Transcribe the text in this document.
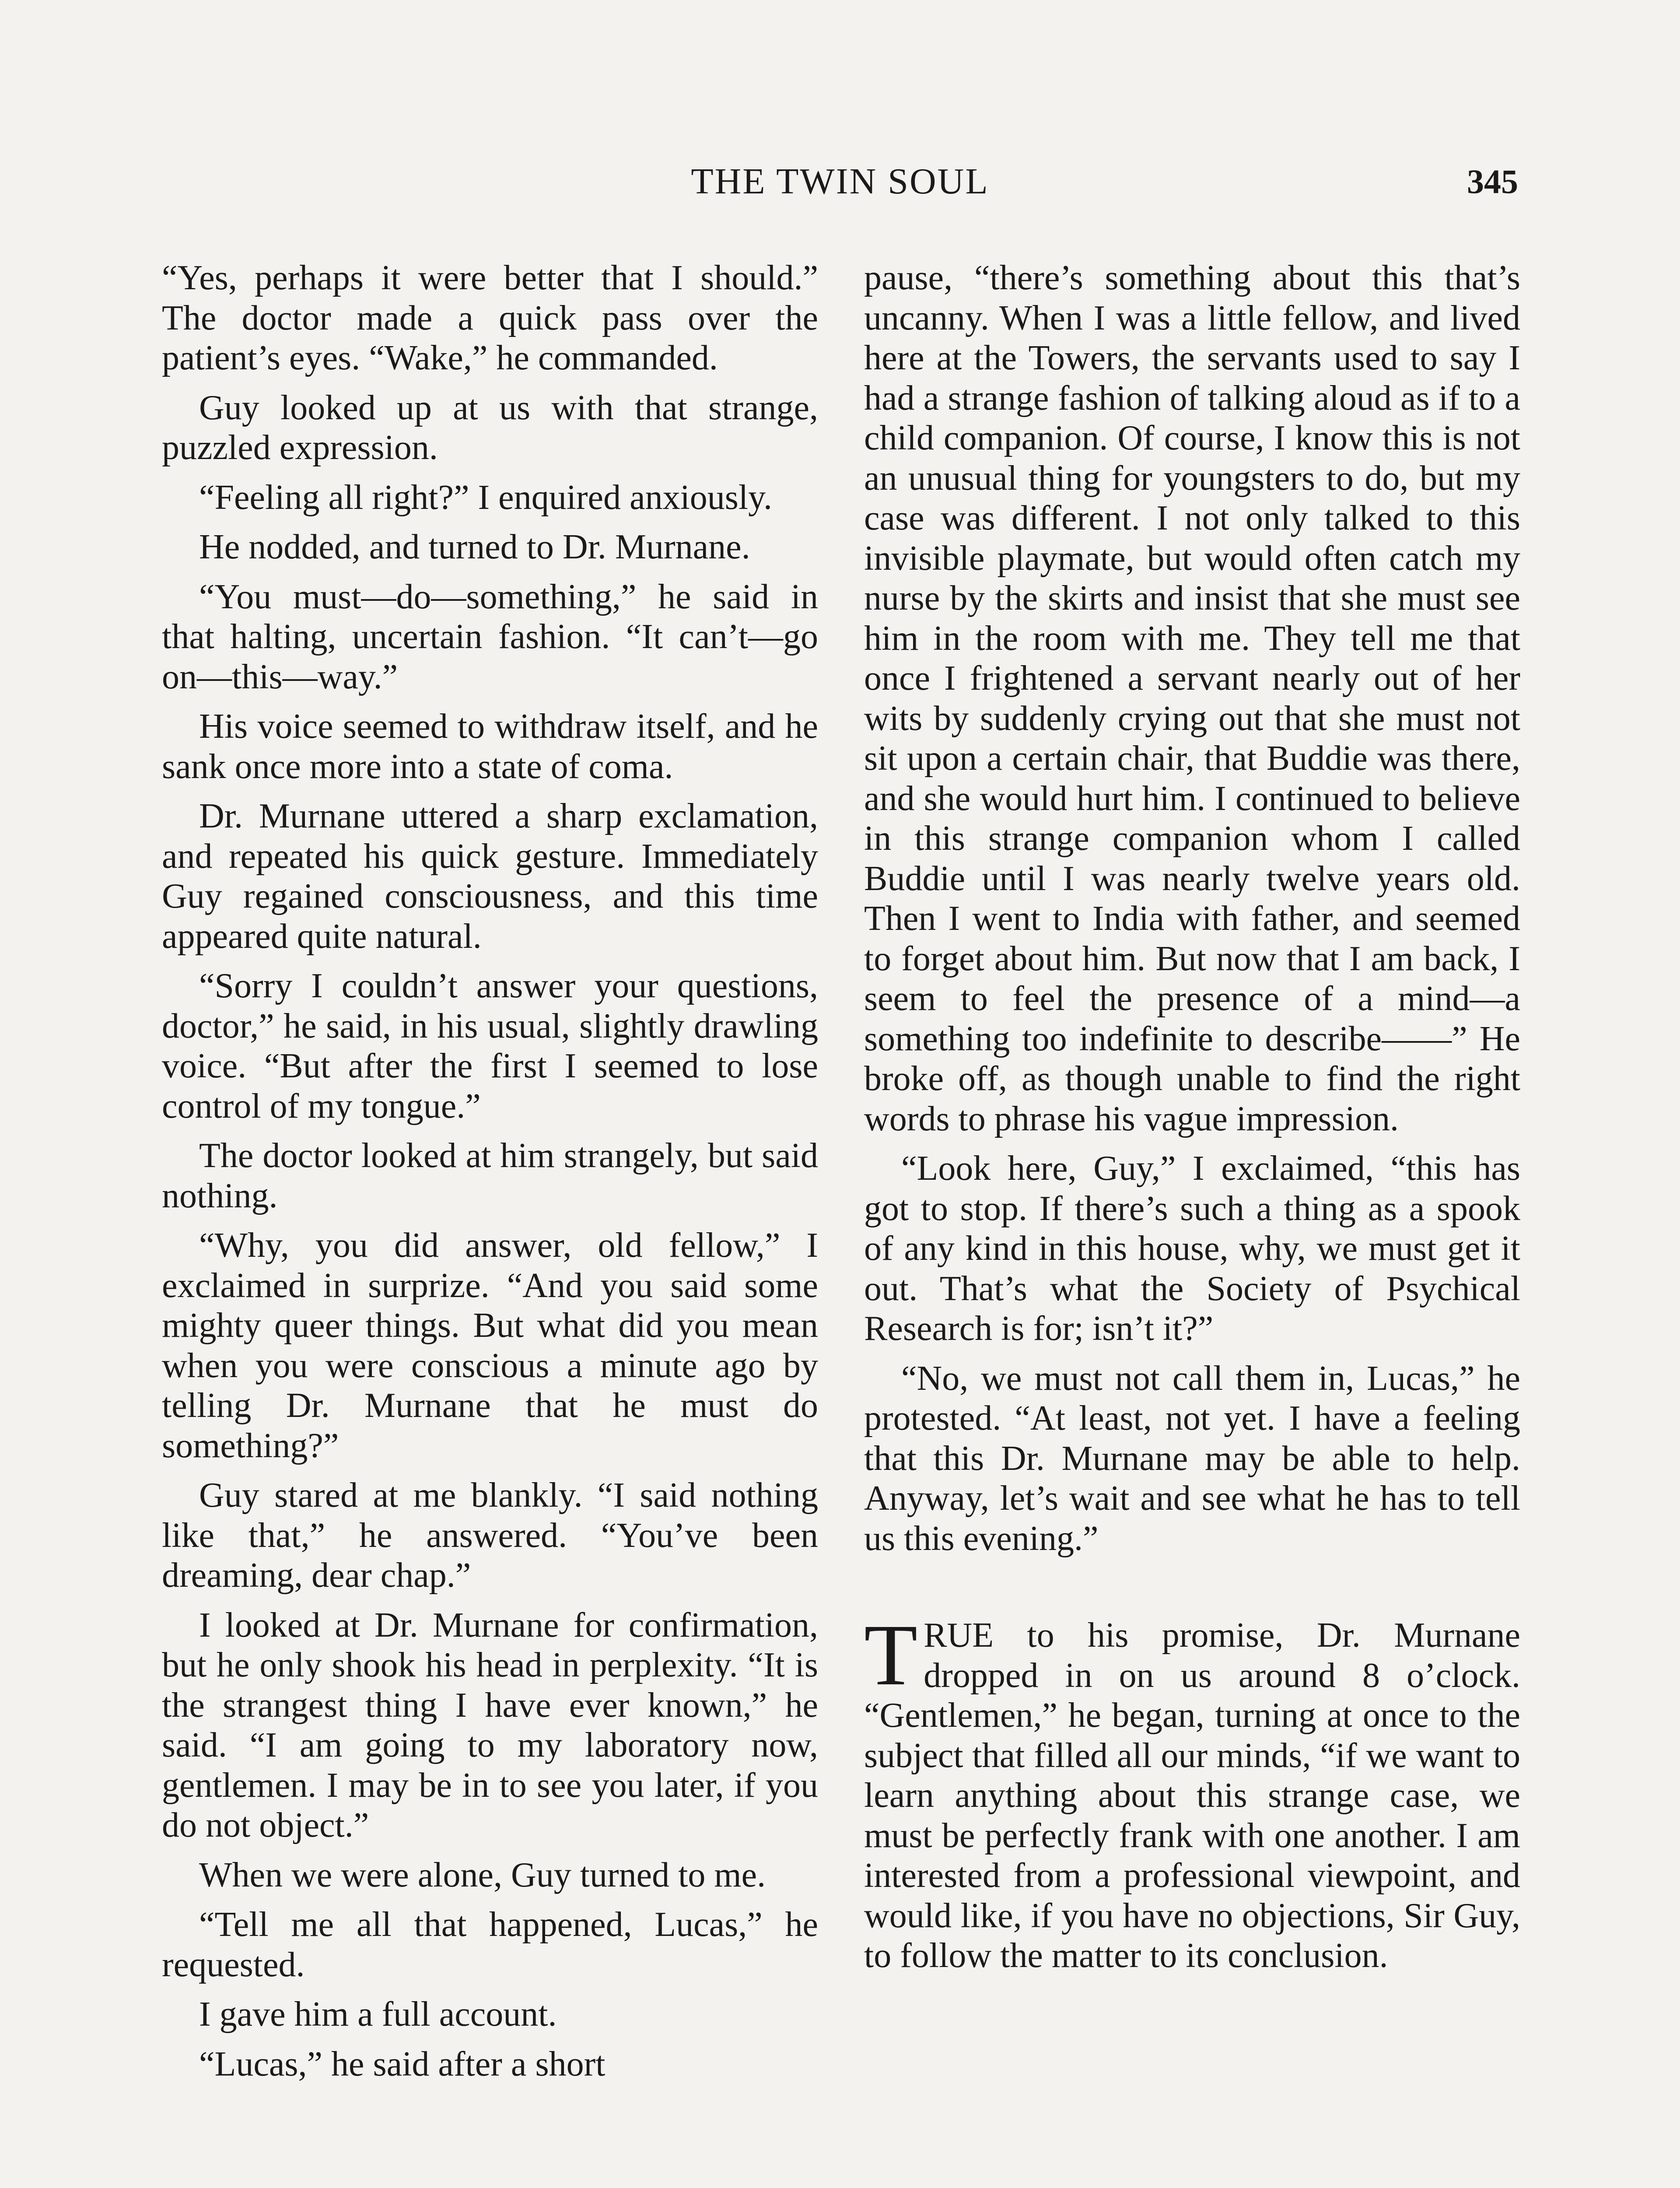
THE TWIN SOUL	345

“Yes, perhaps it were better that I should.” The doctor made a quick pass over the patient’s eyes. “Wake,” he commanded.

Guy looked up at us with that strange, puzzled expression.

“Feeling all right?” I enquired anxiously.

He nodded, and turned to Dr. Murnane.

“You must—do—something,” he said in that halting, uncertain fashion. “It can’t—go on—this—way.”

His voice seemed to withdraw itself, and he sank once more into a state of coma.

Dr. Murnane uttered a sharp exclamation, and repeated his quick gesture. Immediately Guy regained consciousness, and this time appeared quite natural.

“Sorry I couldn’t answer your questions, doctor,” he said, in his usual, slightly drawling voice. “But after the first I seemed to lose control of my tongue.”

The doctor looked at him strangely, but said nothing.

“Why, you did answer, old fellow,” I exclaimed in surprize. “And you said some mighty queer things. But what did you mean when you were conscious a minute ago by telling Dr. Murnane that he must do something?”

Guy stared at me blankly. “I said nothing like that,” he answered. “You’ve been dreaming, dear chap.”

I looked at Dr. Murnane for confirmation, but he only shook his head in perplexity. “It is the strangest thing I have ever known,” he said. “I am going to my laboratory now, gentlemen. I may be in to see you later, if you do not object.”

When we were alone, Guy turned to me.

“Tell me all that happened, Lucas,” he requested.

I gave him a full account.

“Lucas,” he said after a short

pause, “there’s something about this that’s uncanny. When I was a little fellow, and lived here at the Towers, the servants used to say I had a strange fashion of talking aloud as if to a child companion. Of course, I know this is not an unusual thing for youngsters to do, but my case was different. I not only talked to this invisible playmate, but would often catch my nurse by the skirts and insist that she must see him in the room with me. They tell me that once I frightened a servant nearly out of her wits by suddenly crying out that she must not sit upon a certain chair, that Buddie was there, and she would hurt him. I continued to believe in this strange companion whom I called Buddie until I was nearly twelve years old. Then I went to India with father, and seemed to forget about him. But now that I am back, I seem to feel the presence of a mind—a something too indefinite to describe——” He broke off, as though unable to find the right words to phrase his vague impression.

“Look here, Guy,” I exclaimed, “this has got to stop. If there’s such a thing as a spook of any kind in this house, why, we must get it out. That’s what the Society of Psychical Research is for; isn’t it?”

“No, we must not call them in, Lucas,” he protested. “At least, not yet. I have a feeling that this Dr. Murnane may be able to help. Anyway, let’s wait and see what he has to tell us this evening.”

TRUE to his promise, Dr. Murnane dropped in on us around 8 o’clock. “Gentlemen,” he began, turning at once to the subject that filled all our minds, “if we want to learn anything about this strange case, we must be perfectly frank with one another. I am interested from a professional viewpoint, and would like, if you have no objections, Sir Guy, to follow the matter to its conclusion.
